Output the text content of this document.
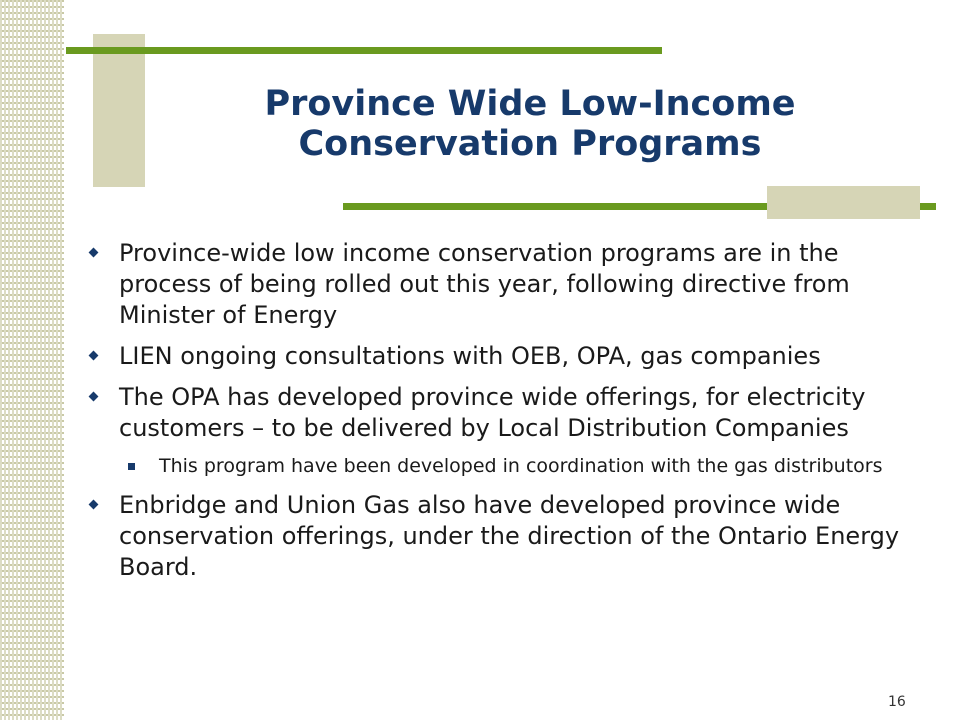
Province Wide Low-Income
Conservation Programs
Province-wide low income conservation programs are in the process of being rolled out this year, following directive from Minister of Energy
LIEN ongoing consultations with OEB, OPA, gas companies
The OPA has developed province wide offerings, for electricity customers – to be delivered by Local Distribution Companies
This program have been developed in coordination with the gas distributors
Enbridge and Union Gas also have developed province wide conservation offerings, under the direction of the Ontario Energy Board.
16
